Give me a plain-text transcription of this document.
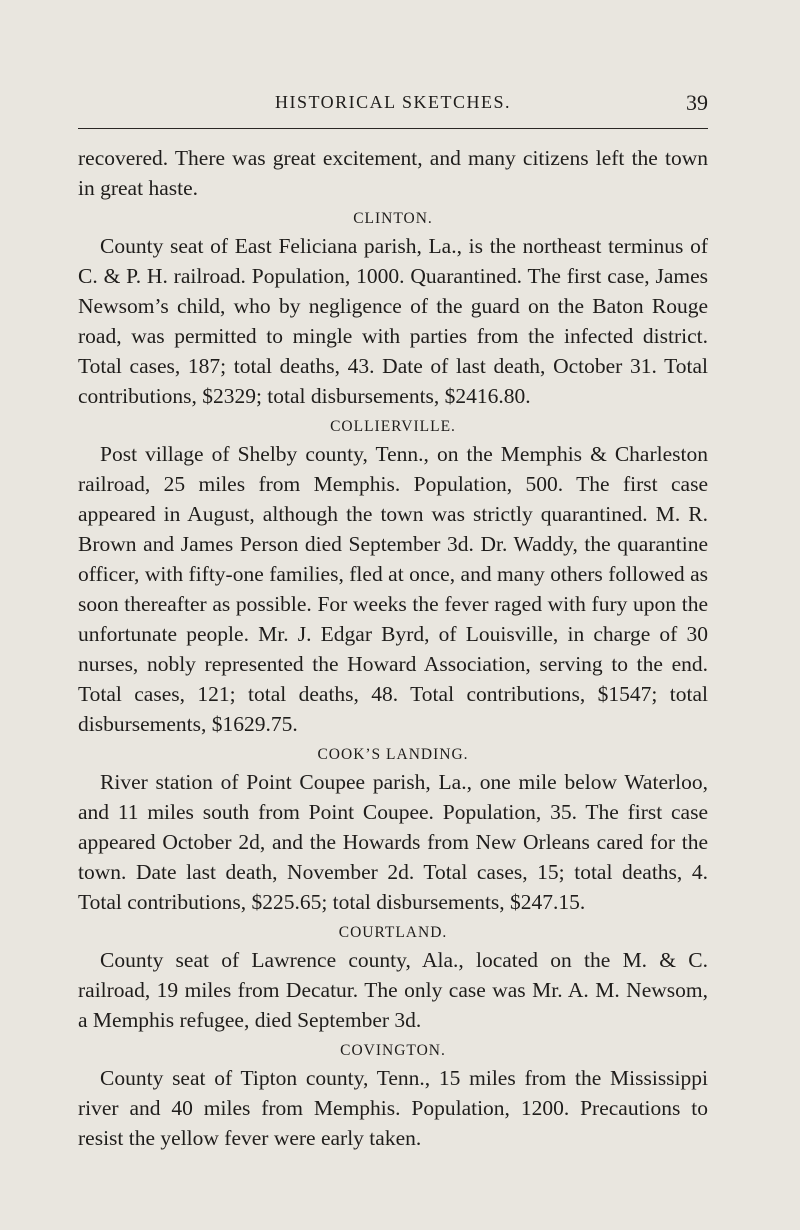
HISTORICAL SKETCHES.	39

recovered. There was great excitement, and many citizens left the town in great haste.

CLINTON.

County seat of East Feliciana parish, La., is the northeast terminus of C. & P. H. railroad. Population, 1000. Quarantined. The first case, James Newsom’s child, who by negligence of the guard on the Baton Rouge road, was permitted to mingle with parties from the infected district. Total cases, 187; total deaths, 43. Date of last death, October 31. Total contributions, $2329; total disbursements, $2416.80.

COLLIERVILLE.

Post village of Shelby county, Tenn., on the Memphis & Charleston railroad, 25 miles from Memphis. Population, 500. The first case appeared in August, although the town was strictly quarantined. M. R. Brown and James Person died September 3d. Dr. Waddy, the quarantine officer, with fifty-one families, fled at once, and many others followed as soon thereafter as possible. For weeks the fever raged with fury upon the unfortunate people. Mr. J. Edgar Byrd, of Louisville, in charge of 30 nurses, nobly represented the Howard Association, serving to the end. Total cases, 121; total deaths, 48. Total contributions, $1547; total disbursements, $1629.75.

COOK’S LANDING.

River station of Point Coupee parish, La., one mile below Waterloo, and 11 miles south from Point Coupee. Population, 35. The first case appeared October 2d, and the Howards from New Orleans cared for the town. Date last death, November 2d. Total cases, 15; total deaths, 4. Total contributions, $225.65; total disbursements, $247.15.

COURTLAND.

County seat of Lawrence county, Ala., located on the M. & C. railroad, 19 miles from Decatur. The only case was Mr. A. M. Newsom, a Memphis refugee, died September 3d.

COVINGTON.

County seat of Tipton county, Tenn., 15 miles from the Mississippi river and 40 miles from Memphis. Population, 1200. Precautions to resist the yellow fever were early taken.
